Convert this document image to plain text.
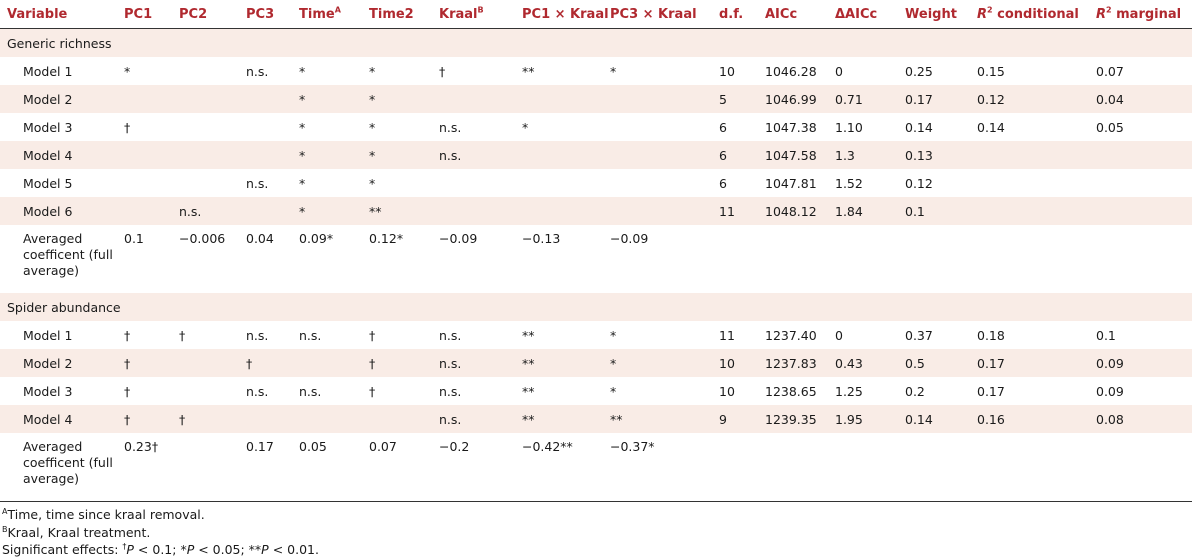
Variable	PC1	PC2	PC3	Time$^A$	Time2	Kraal$^B$	PC1 × Kraal	PC3 × Kraal	d.f.	AICc	ΔAICc	Weight	$R^2$ conditional	$R^2$ marginal
Generic richness														
Model 1	*		n.s.	*	*	†	**	*	10	1046.28	0	0.25	0.15	0.07
Model 2				*	*				5	1046.99	0.71	0.17	0.12	0.04
Model 3	†			*	*	n.s.	*		6	1047.38	1.10	0.14	0.14	0.05
Model 4				*	*	n.s.			6	1047.58	1.3	0.13		
Model 5			n.s.	*	*				6	1047.81	1.52	0.12		
Model 6		n.s.		*	**				11	1048.12	1.84	0.1		
Averaged coefficent (full average)	0.1	−0.006	0.04	0.09*	0.12*	−0.09	−0.13	−0.09						
Spider abundance														
Model 1	†	†	n.s.	n.s.	†	n.s.	**	*	11	1237.40	0	0.37	0.18	0.1
Model 2	†		†		†	n.s.	**	*	10	1237.83	0.43	0.5	0.17	0.09
Model 3	†		n.s.	n.s.	†	n.s.	**	*	10	1238.65	1.25	0.2	0.17	0.09
Model 4	†	†				n.s.	**	**	9	1239.35	1.95	0.14	0.16	0.08
Averaged coefficent (full average)	0.23†		0.17	0.05	0.07	−0.2	−0.42**	−0.37*						
$^A$Time, time since kraal removal.
$^B$Kraal, Kraal treatment.
Significant effects: †P < 0.1; *P < 0.05; **P < 0.01.
